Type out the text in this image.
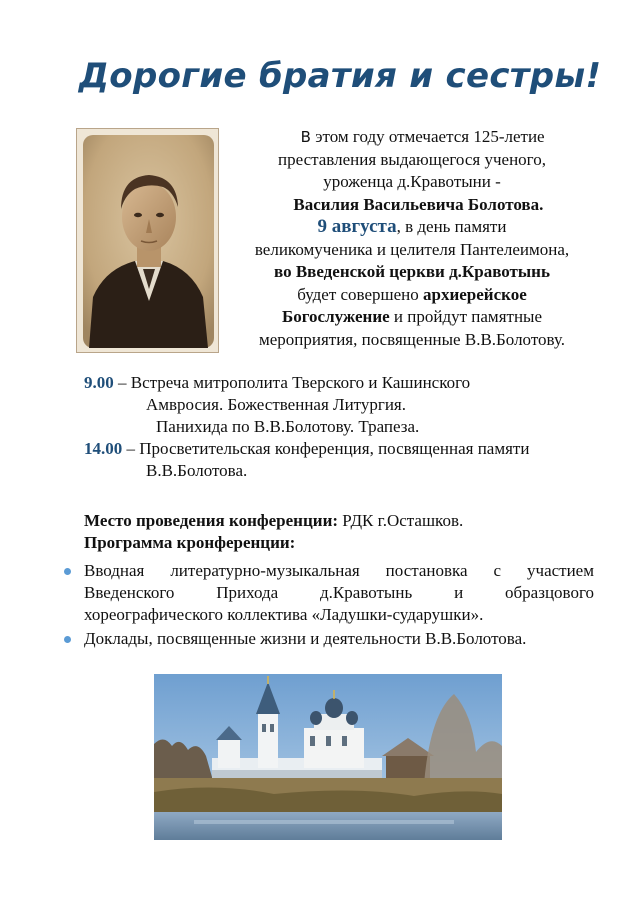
Дорогие братия и сестры!
В этом году отмечается 125-летие
преставления выдающегося ученого,
уроженца д.Кравотыни -
Василия Васильевича Болотова.
9 августа, в день памяти
великомученика и целителя Пантелеимона,
во Введенской церкви д.Кравотынь
будет совершено архиерейское
Богослужение и пройдут памятные
мероприятия, посвященные В.В.Болотову.
9.00 – Встреча митрополита Тверского и Кашинского
Амвросия. Божественная Литургия.
Панихида по В.В.Болотову. Трапеза.
14.00 – Просветительская конференция, посвященная памяти
В.В.Болотова.
Место проведения конференции: РДК г.Осташков.
Программа кронференции:
Вводная литературно-музыкальная постановка с участием
Введенского Прихода д.Кравотынь и образцового
хореографического коллектива «Ладушки-сударушки».
Доклады, посвященные жизни и деятельности В.В.Болотова.
